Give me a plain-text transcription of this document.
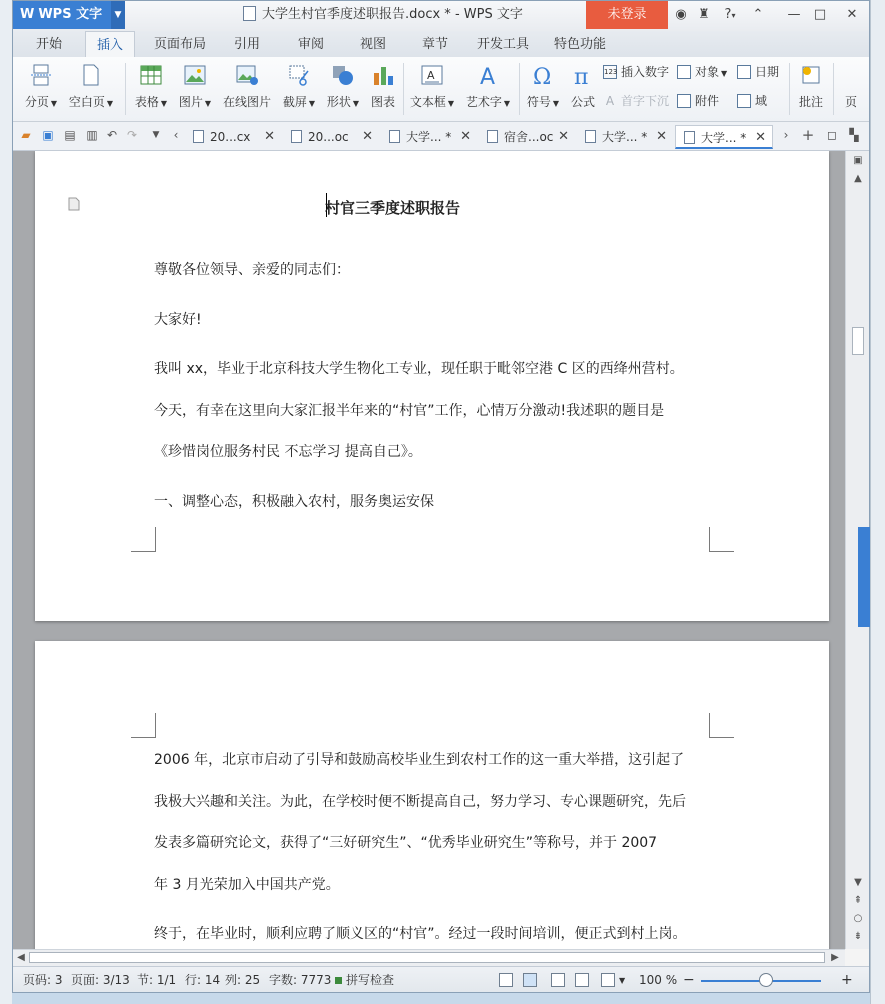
W WPS 文字	▼	大学生村官季度述职报告.docx * - WPS 文字	未登录	◉ ♜	?▾	⌃ — □ ✕
开始	插入	页面布局	引用	审阅	视图	章节	开发工具	特色功能
分页 ▼ 空白页 ▼	表格 ▼ 图片 ▼ 在线图片 截屏 ▼ 形状 ▼ 图表
A
文本框 ▼
A
艺术字 ▼
Ω
符号 ▼
π
公式
123 插入数字
A 首字下沉
对象 ▼
附件
日期
域	批注	页
▰ ▣ ▤ ▥ ↶ ↷	▼	‹	20...cx ✕	20...oc ✕	大学... * ✕	宿舍...oc ✕	大学... * ✕	大学... * ✕	› + ◻ ▚
村官三季度述职报告
尊敬各位领导、亲爱的同志们：
大家好!
我叫 xx，毕业于北京科技大学生物化工专业，现任职于毗邻空港 C 区的西绛州营村。
今天，有幸在这里向大家汇报半年来的“村官”工作，心情万分激动!我述职的题目是
《珍惜岗位服务村民 不忘学习 提高自己》。
一、调整心态，积极融入农村，服务奥运安保
2006 年，北京市启动了引导和鼓励高校毕业生到农村工作的这一重大举措，这引起了
我极大兴趣和关注。为此，在学校时便不断提高自己，努力学习、专心课题研究，先后
发表多篇研究论文，获得了“三好研究生”、“优秀毕业研究生”等称号，并于 2007
年 3 月光荣加入中国共产党。
终于，在毕业时，顺利应聘了顺义区的“村官”。经过一段时间培训，便正式到村上岗。
▣
▲
▼
⇞
○
⇟
◀	▶
页码: 3 页面: 3/13 节: 1/1 行: 14 列: 25 字数: 7773	拼写检查	▼ 100 % −	+
